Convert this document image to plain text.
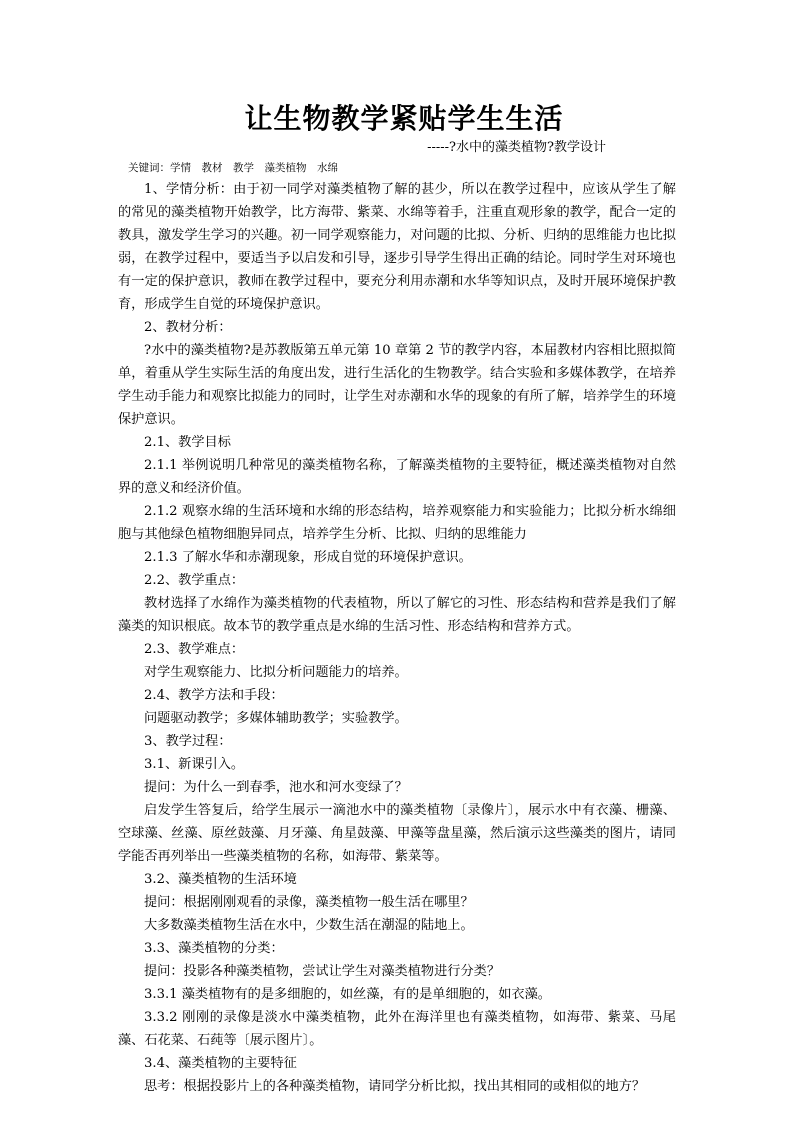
让生物教学紧贴学生生活

-----?水中的藻类植物?教学设计

关键词：学情　教材　教学　藻类植物　水绵

1、学情分析：由于初一同学对藻类植物了解的甚少，所以在教学过程中，应该从学生了解的常见的藻类植物开始教学，比方海带、紫菜、水绵等着手，注重直观形象的教学，配合一定的教具，激发学生学习的兴趣。初一同学观察能力，对问题的比拟、分析、归纳的思维能力也比拟弱，在教学过程中，要适当予以启发和引导，逐步引导学生得出正确的结论。同时学生对环境也有一定的保护意识，教师在教学过程中，要充分利用赤潮和水华等知识点，及时开展环境保护教育，形成学生自觉的环境保护意识。

2、教材分析：

?水中的藻类植物?是苏教版第五单元第 10 章第 2 节的教学内容，本届教材内容相比照拟简单，着重从学生实际生活的角度出发，进行生活化的生物教学。结合实验和多媒体教学，在培养学生动手能力和观察比拟能力的同时，让学生对赤潮和水华的现象的有所了解，培养学生的环境保护意识。

2.1、教学目标

2.1.1 举例说明几种常见的藻类植物名称，了解藻类植物的主要特征，概述藻类植物对自然界的意义和经济价值。

2.1.2 观察水绵的生活环境和水绵的形态结构，培养观察能力和实验能力；比拟分析水绵细胞与其他绿色植物细胞异同点，培养学生分析、比拟、归纳的思维能力

2.1.3 了解水华和赤潮现象，形成自觉的环境保护意识。

2.2、教学重点：

教材选择了水绵作为藻类植物的代表植物，所以了解它的习性、形态结构和营养是我们了解藻类的知识根底。故本节的教学重点是水绵的生活习性、形态结构和营养方式。

2.3、教学难点：

对学生观察能力、比拟分析问题能力的培养。

2.4、教学方法和手段：

问题驱动教学；多媒体辅助教学；实验教学。

3、教学过程：

3.1、新课引入。

提问：为什么一到春季，池水和河水变绿了？

启发学生答复后，给学生展示一滴池水中的藻类植物〔录像片〕，展示水中有衣藻、栅藻、空球藻、丝藻、原丝鼓藻、月牙藻、角星鼓藻、甲藻等盘星藻，然后演示这些藻类的图片，请同学能否再列举出一些藻类植物的名称，如海带、紫菜等。

3.2、藻类植物的生活环境

提问：根据刚刚观看的录像，藻类植物一般生活在哪里？

大多数藻类植物生活在水中，少数生活在潮湿的陆地上。

3.3、藻类植物的分类：

提问：投影各种藻类植物，尝试让学生对藻类植物进行分类？

3.3.1 藻类植物有的是多细胞的，如丝藻，有的是单细胞的，如衣藻。

3.3.2 刚刚的录像是淡水中藻类植物，此外在海洋里也有藻类植物，如海带、紫菜、马尾藻、石花菜、石莼等〔展示图片〕。

3.4、藻类植物的主要特征

思考：根据投影片上的各种藻类植物，请同学分析比拟，找出其相同的或相似的地方？
